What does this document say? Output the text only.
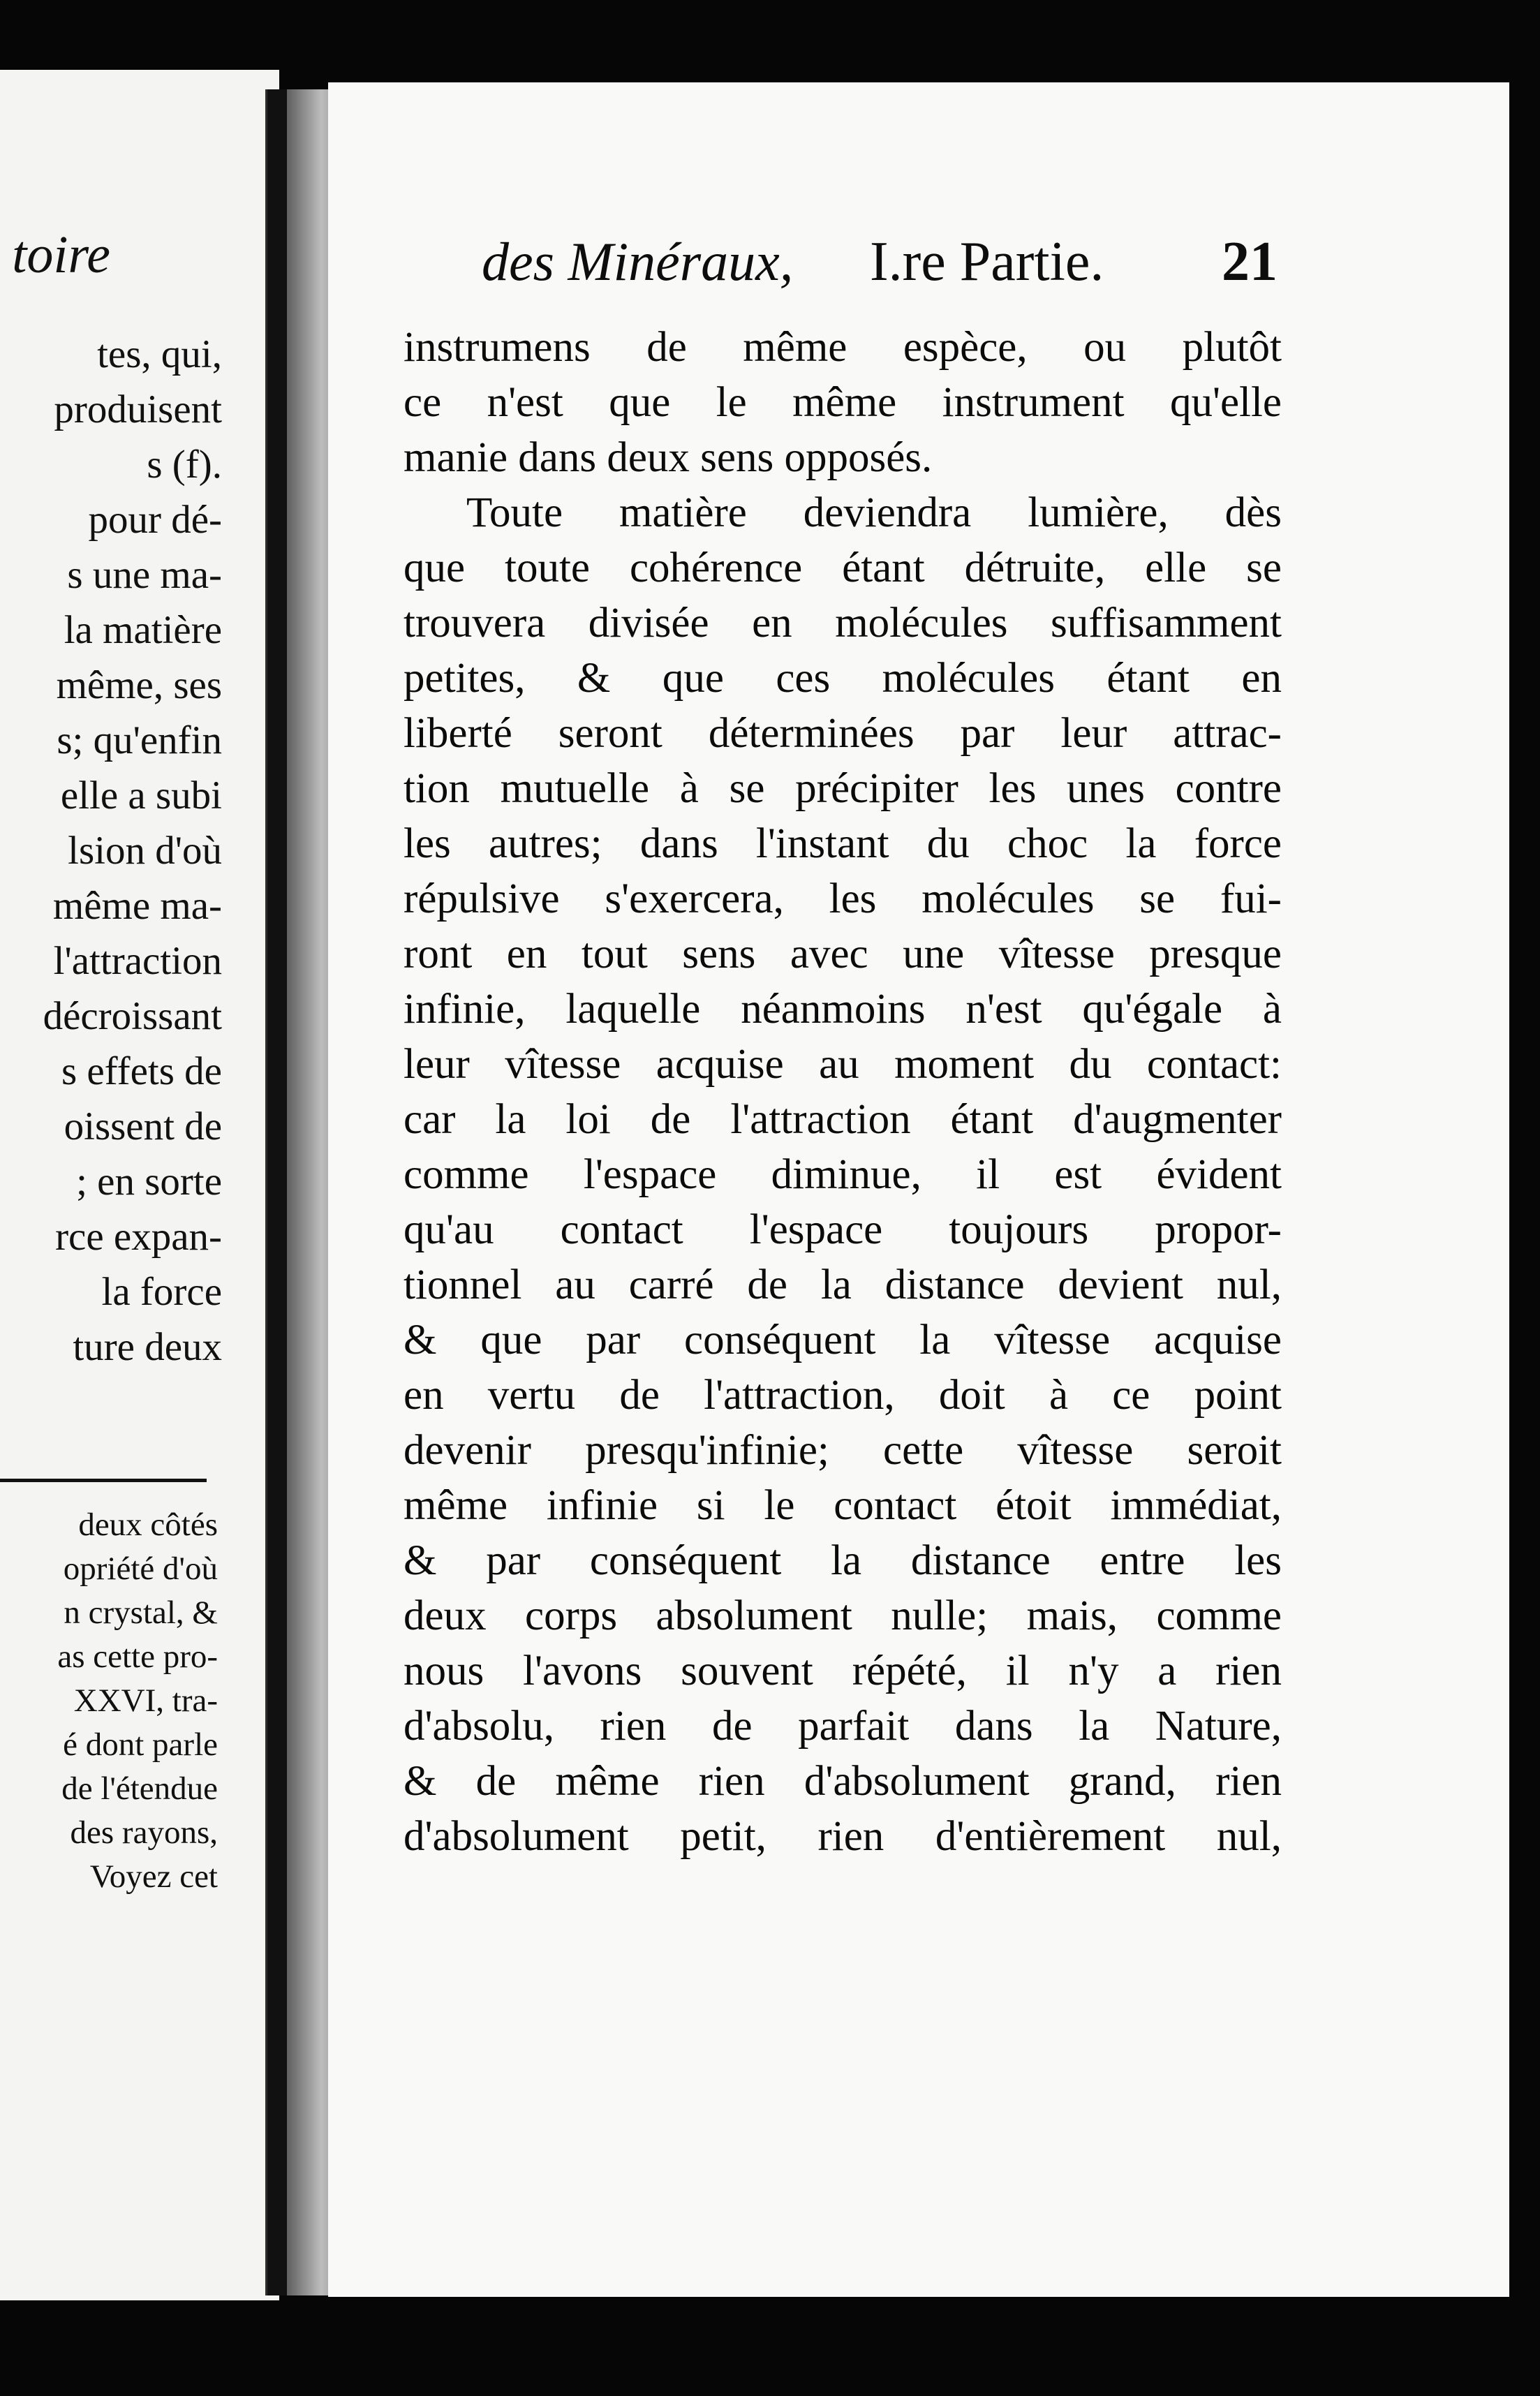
toire
tes, qui,
produisent
s (f).
pour dé-
s une ma-
la matière
même, ses
s; qu'enfin
elle a subi
lsion d'où
même ma-
l'attraction
décroissant
s effets de
oissent de
; en sorte
rce expan-
la force
ture deux
deux côtés
opriété d'où
n crystal, &
as cette pro-
XXVI, tra-
é dont parle
de l'étendue
des rayons,
Voyez cet
des Minéraux, I.re Partie. 21
instrumens de même espèce, ou plutôt
ce n'est que le même instrument qu'elle
manie dans deux sens opposés.
Toute matière deviendra lumière, dès
que toute cohérence étant détruite, elle se
trouvera divisée en molécules suffisamment
petites, & que ces molécules étant en
liberté seront déterminées par leur attrac-
tion mutuelle à se précipiter les unes contre
les autres; dans l'instant du choc la force
répulsive s'exercera, les molécules se fui-
ront en tout sens avec une vîtesse presque
infinie, laquelle néanmoins n'est qu'égale à
leur vîtesse acquise au moment du contact:
car la loi de l'attraction étant d'augmenter
comme l'espace diminue, il est évident
qu'au contact l'espace toujours propor-
tionnel au carré de la distance devient nul,
& que par conséquent la vîtesse acquise
en vertu de l'attraction, doit à ce point
devenir presqu'infinie; cette vîtesse seroit
même infinie si le contact étoit immédiat,
& par conséquent la distance entre les
deux corps absolument nulle; mais, comme
nous l'avons souvent répété, il n'y a rien
d'absolu, rien de parfait dans la Nature,
& de même rien d'absolument grand, rien
d'absolument petit, rien d'entièrement nul,
